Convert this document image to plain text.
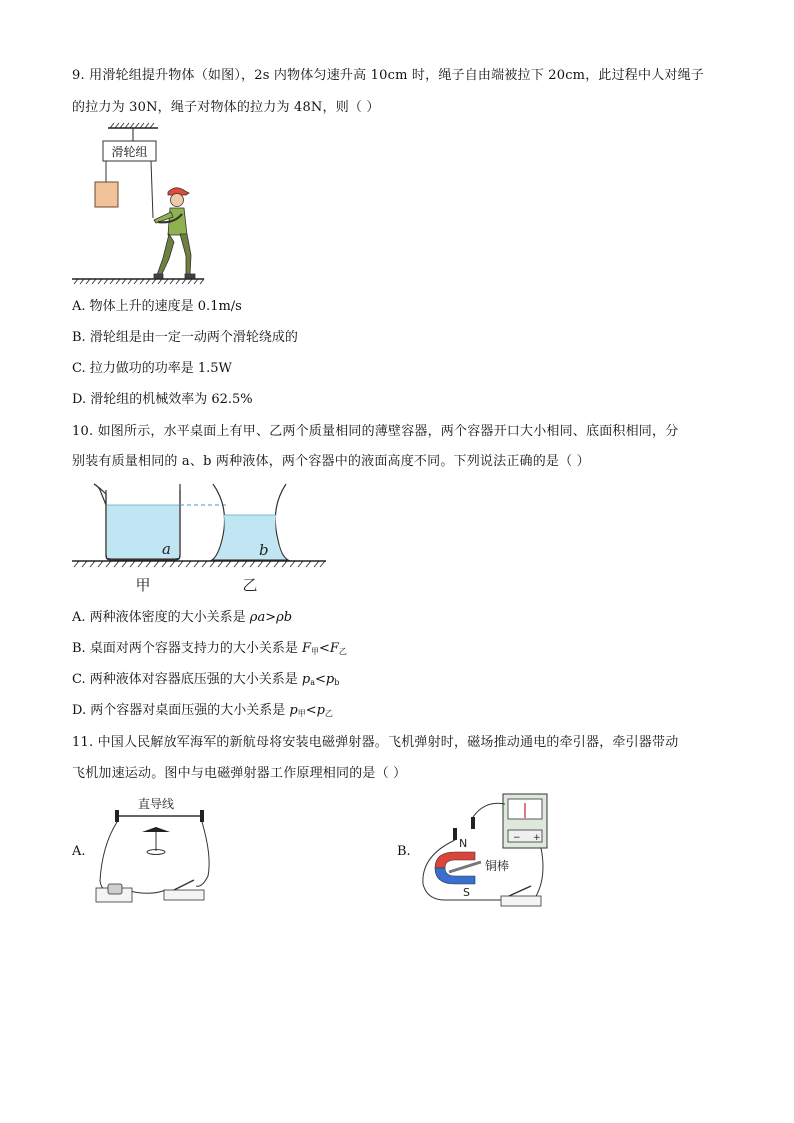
9. 用滑轮组提升物体（如图），2s 内物体匀速升高 10cm 时，绳子自由端被拉下 20cm，此过程中人对绳子
的拉力为 30N，绳子对物体的拉力为 48N，则（ ）
滑轮组
A. 物体上升的速度是 0.1m/s
B. 滑轮组是由一定一动两个滑轮绕成的
C. 拉力做功的功率是 1.5W
D. 滑轮组的机械效率为 62.5%
10. 如图所示，水平桌面上有甲、乙两个质量相同的薄壁容器，两个容器开口大小相同、底面积相同，分
别装有质量相同的 a、b 两种液体，两个容器中的液面高度不同。下列说法正确的是（ ）
a	b
甲	乙
A. 两种液体密度的大小关系是 ρa>ρb
B. 桌面对两个容器支持力的大小关系是 $F_甲<F_乙$
C. 两种液体对容器底压强的大小关系是 $p_a<p_b$
D. 两个容器对桌面压强的大小关系是 $p_甲<p_乙$
11. 中国人民解放军海军的新航母将安装电磁弹射器。飞机弹射时，磁场推动通电的牵引器，牵引器带动
飞机加速运动。图中与电磁弹射器工作原理相同的是（ ）
A.
直导线
B.
− +
N
铜棒
S
